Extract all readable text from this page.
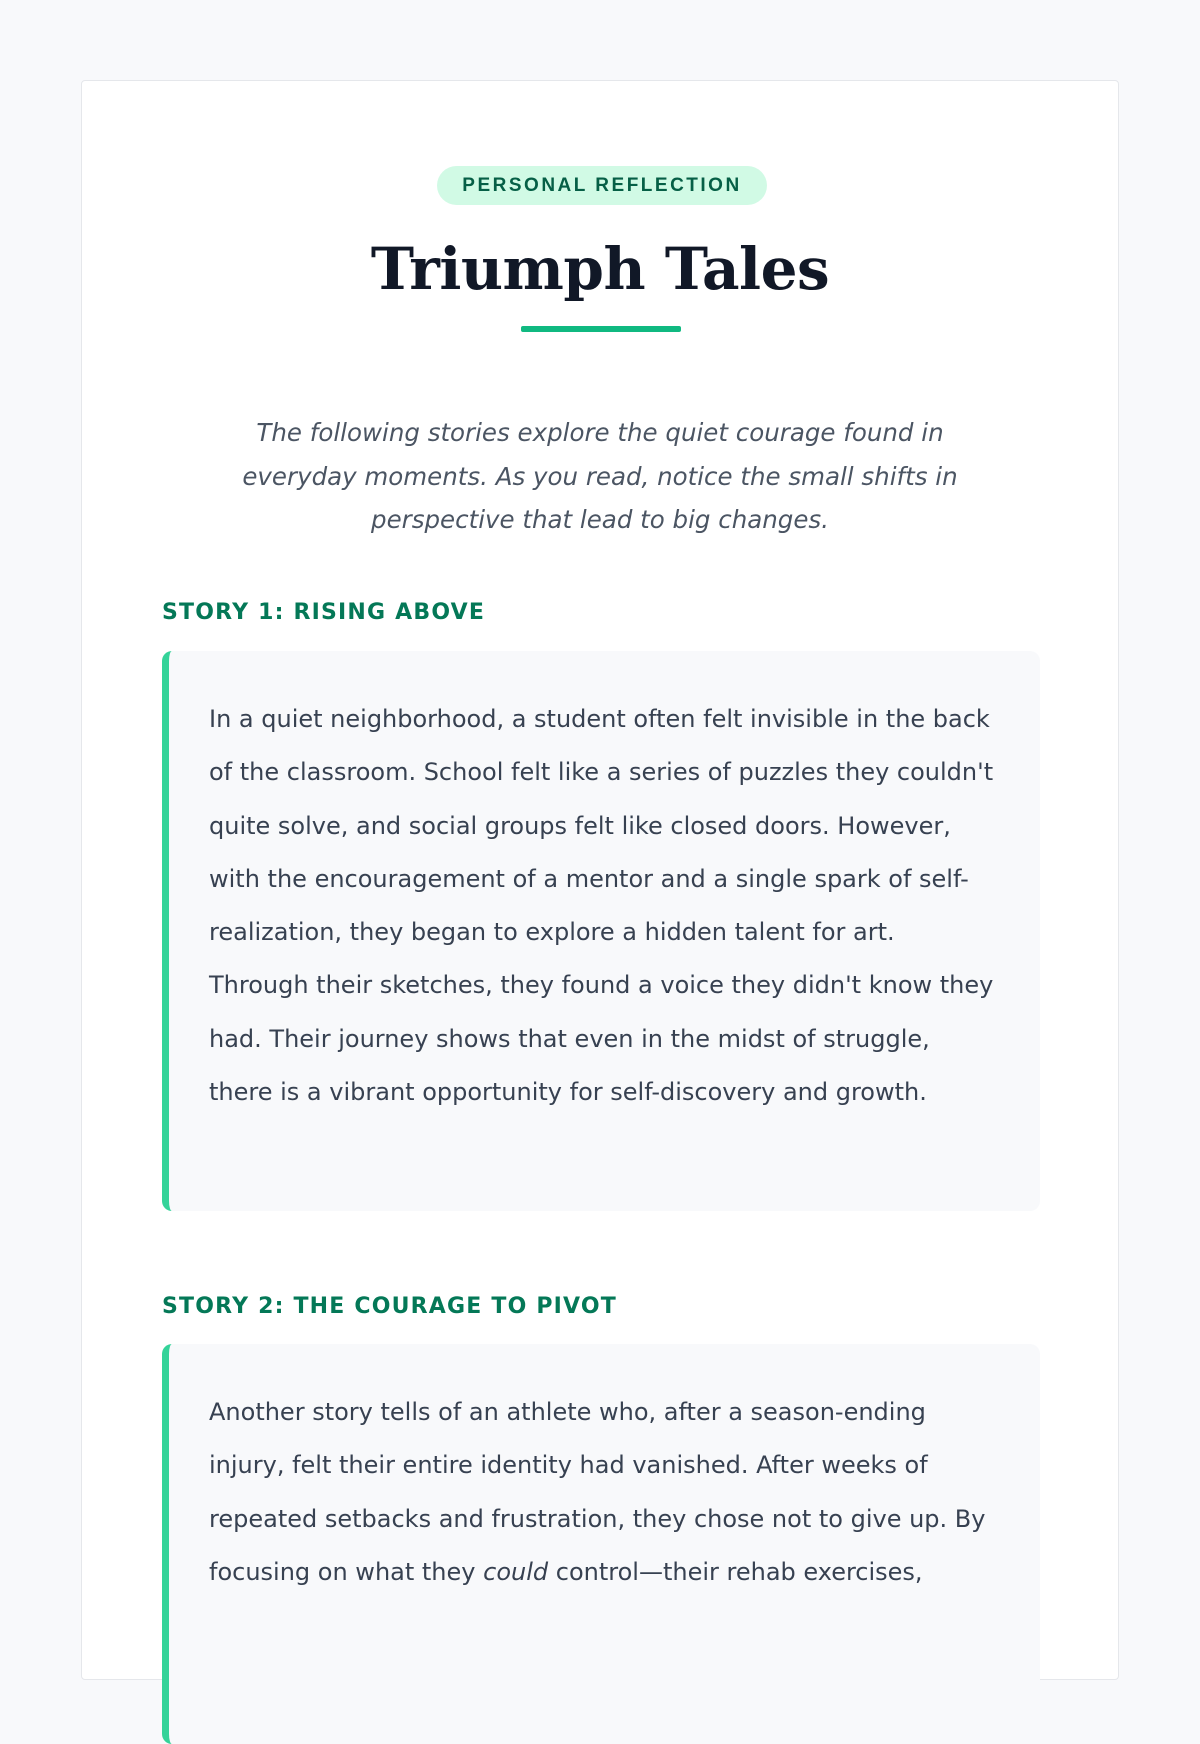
PERSONAL REFLECTION
Triumph Tales

The following stories explore the quiet courage found in everyday moments. As you read, notice the small shifts in perspective that lead to big changes.

STORY 1: RISING ABOVE

In a quiet neighborhood, a student often felt invisible in the back of the classroom. School felt like a series of puzzles they couldn't quite solve, and social groups felt like closed doors. However, with the encouragement of a mentor and a single spark of self-realization, they began to explore a hidden talent for art. Through their sketches, they found a voice they didn't know they had. Their journey shows that even in the midst of struggle, there is a vibrant opportunity for self-discovery and growth.

STORY 2: THE COURAGE TO PIVOT

Another story tells of an athlete who, after a season-ending injury, felt their entire identity had vanished. After weeks of repeated setbacks and frustration, they chose not to give up. By focusing on what they could control—their rehab exercises,
